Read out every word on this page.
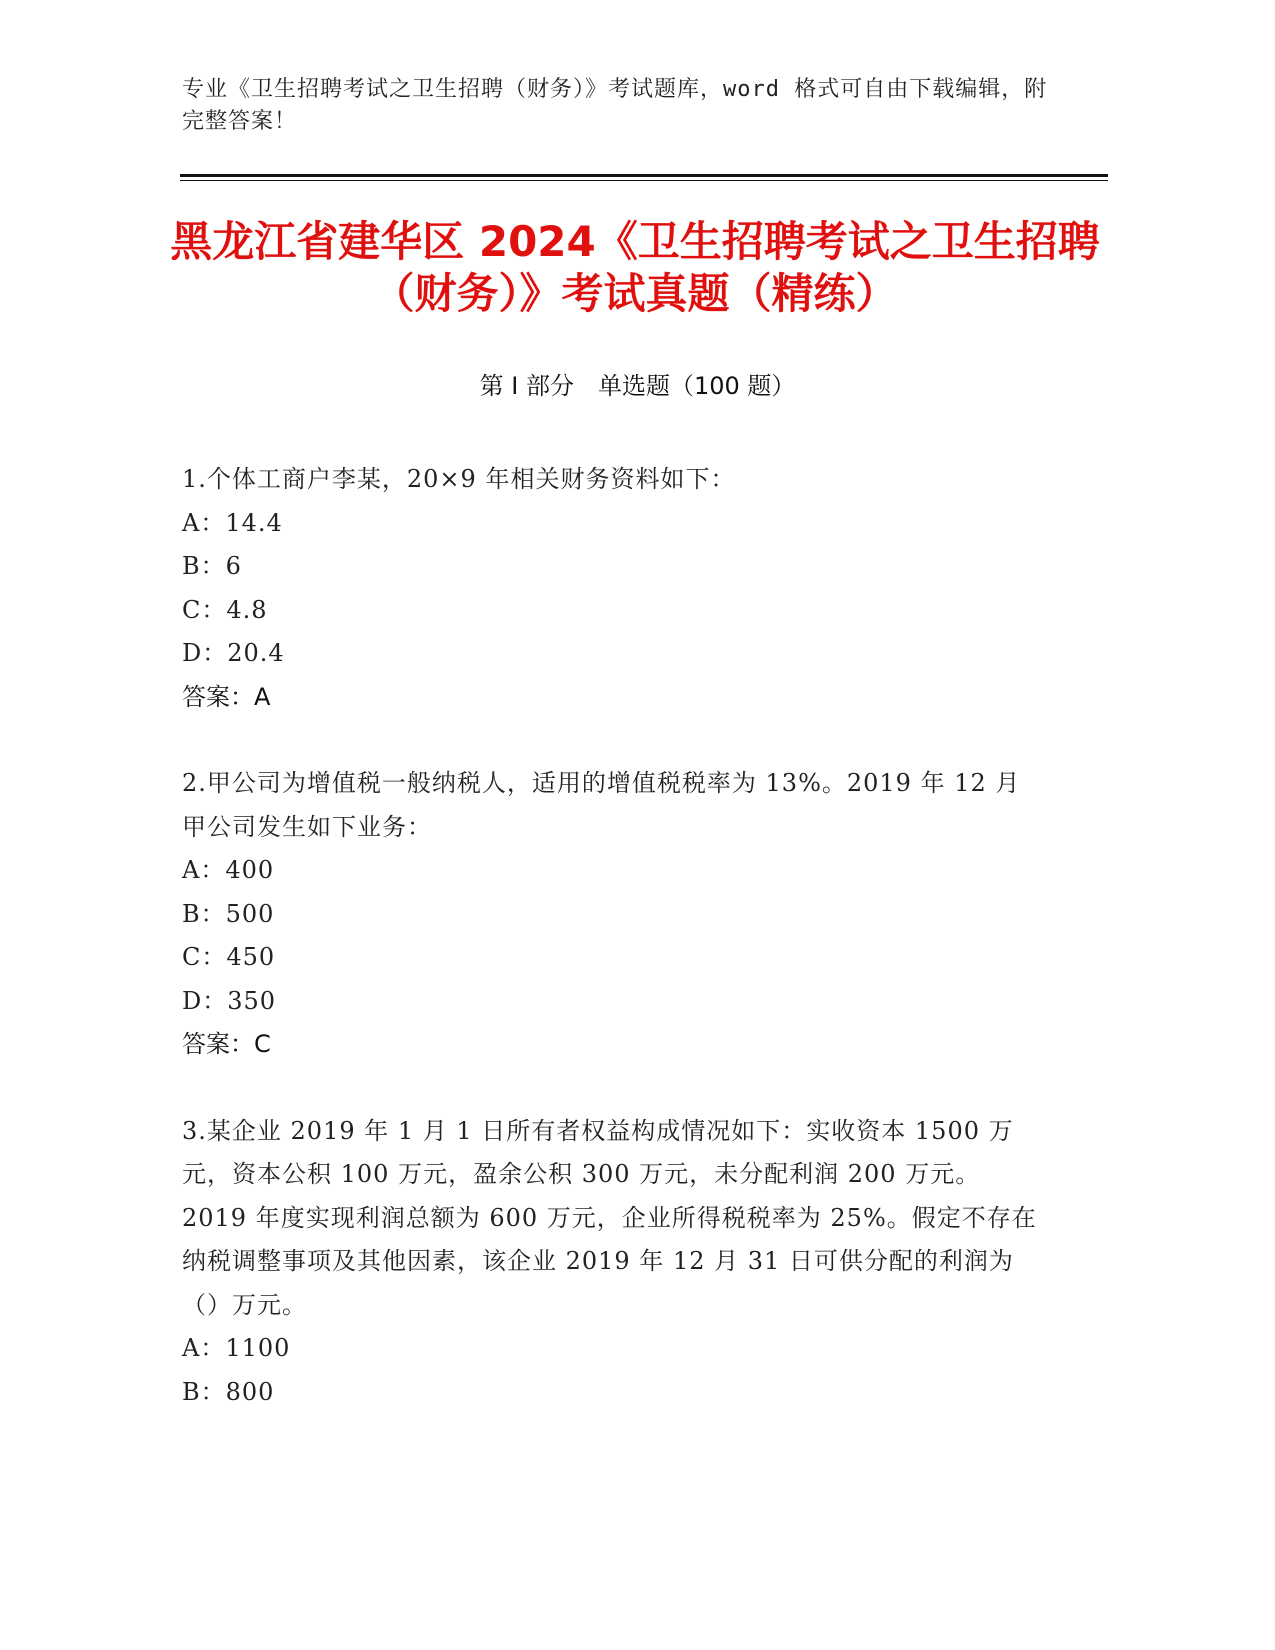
专业《卫生招聘考试之卫生招聘（财务）》考试题库，word 格式可自由下载编辑，附完整答案！
黑龙江省建华区 2024《卫生招聘考试之卫生招聘（财务）》考试真题（精练）
第 I 部分　单选题（100 题）

1.个体工商户李某，20×9 年相关财务资料如下：

A：14.4
B：6
C：4.8
D：20.4
答案：A

2.甲公司为增值税一般纳税人，适用的增值税税率为 13%。2019 年 12 月甲公司发生如下业务：

A：400
B：500
C：450
D：350
答案：C

3.某企业 2019 年 1 月 1 日所有者权益构成情况如下：实收资本 1500 万元，资本公积 100 万元，盈余公积 300 万元，未分配利润 200 万元。2019 年度实现利润总额为 600 万元，企业所得税税率为 25%。假定不存在纳税调整事项及其他因素，该企业 2019 年 12 月 31 日可供分配的利润为（）万元。

A：1100
B：800
